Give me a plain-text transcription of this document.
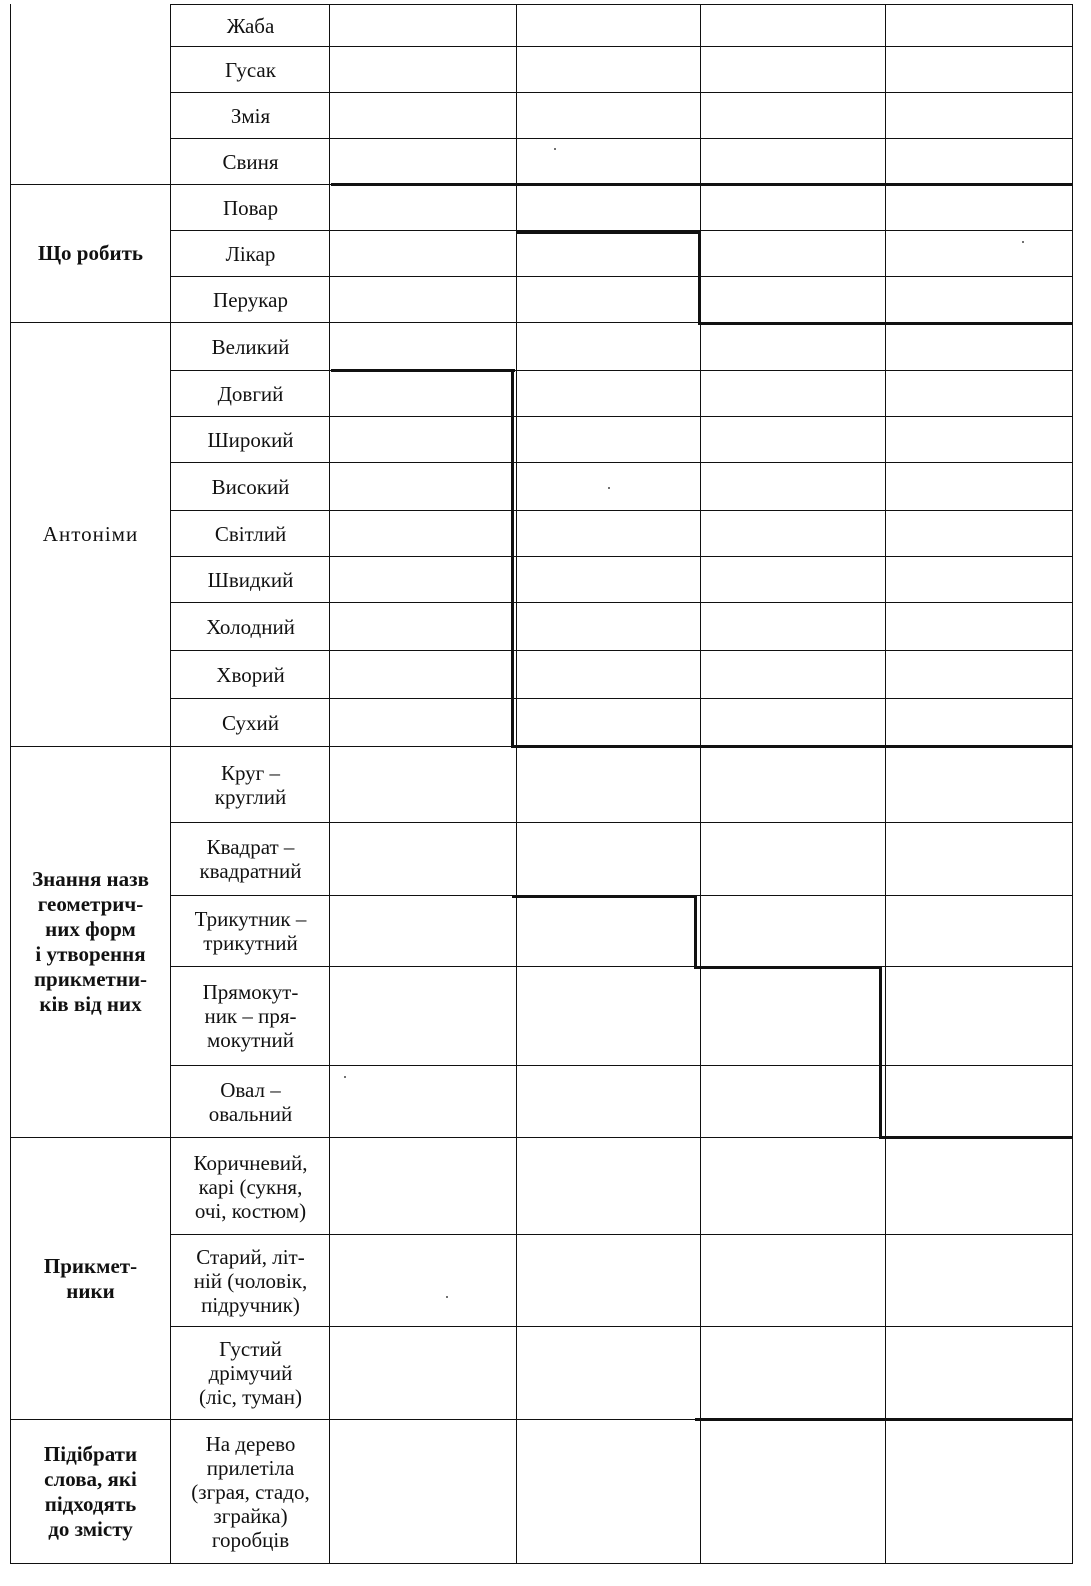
Жаба
Гусак
Змія
Свиня
Що робить
Повар
Лікар
Перукар
Антоніми
Великий
Довгий
Широкий
Високий
Світлий
Швидкий
Холодний
Хворий
Сухий
Знання назв
геометрич-
них форм
і утворення
прикметни-
ків від них
Круг –
круглий
Квадрат –
квадратний
Трикутник –
трикутний
Прямокут-
ник – пря-
мокутний
Овал –
овальний
Прикмет-
ники
Коричневий,
карі (сукня,
очі, костюм)
Старий, літ-
ній (чоловік,
підручник)
Густий
дрімучий
(ліс, туман)
Підібрати
слова, які
підходять
до змісту
На дерево
прилетіла
(зграя, стадо,
зграйка)
горобців
